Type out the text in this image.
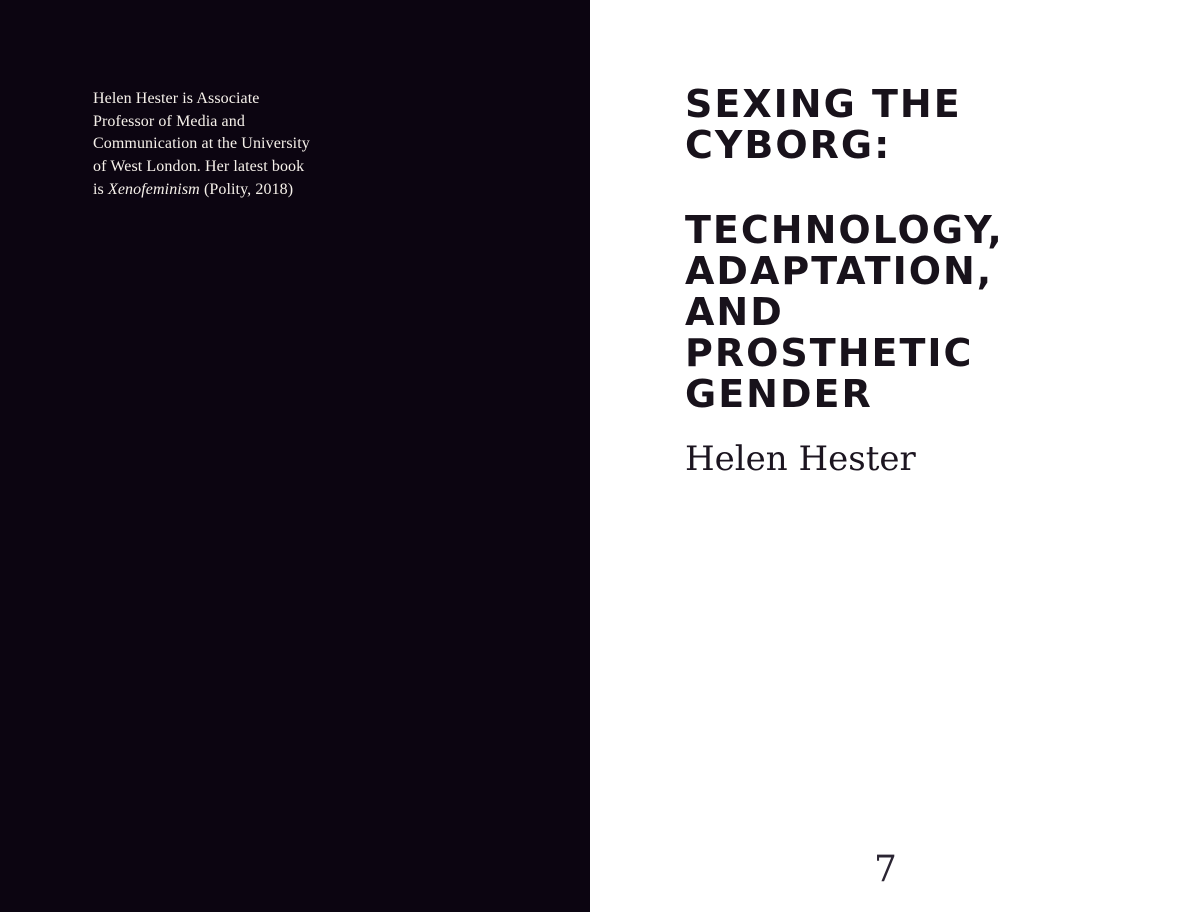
Helen Hester is Associate
Professor of Media and
Communication at the University
of West London. Her latest book
is Xenofeminism (Polity, 2018)
SEXING THE
CYBORG:
TECHNOLOGY,
ADAPTATION,
AND
PROSTHETIC
GENDER
Helen Hester
7
